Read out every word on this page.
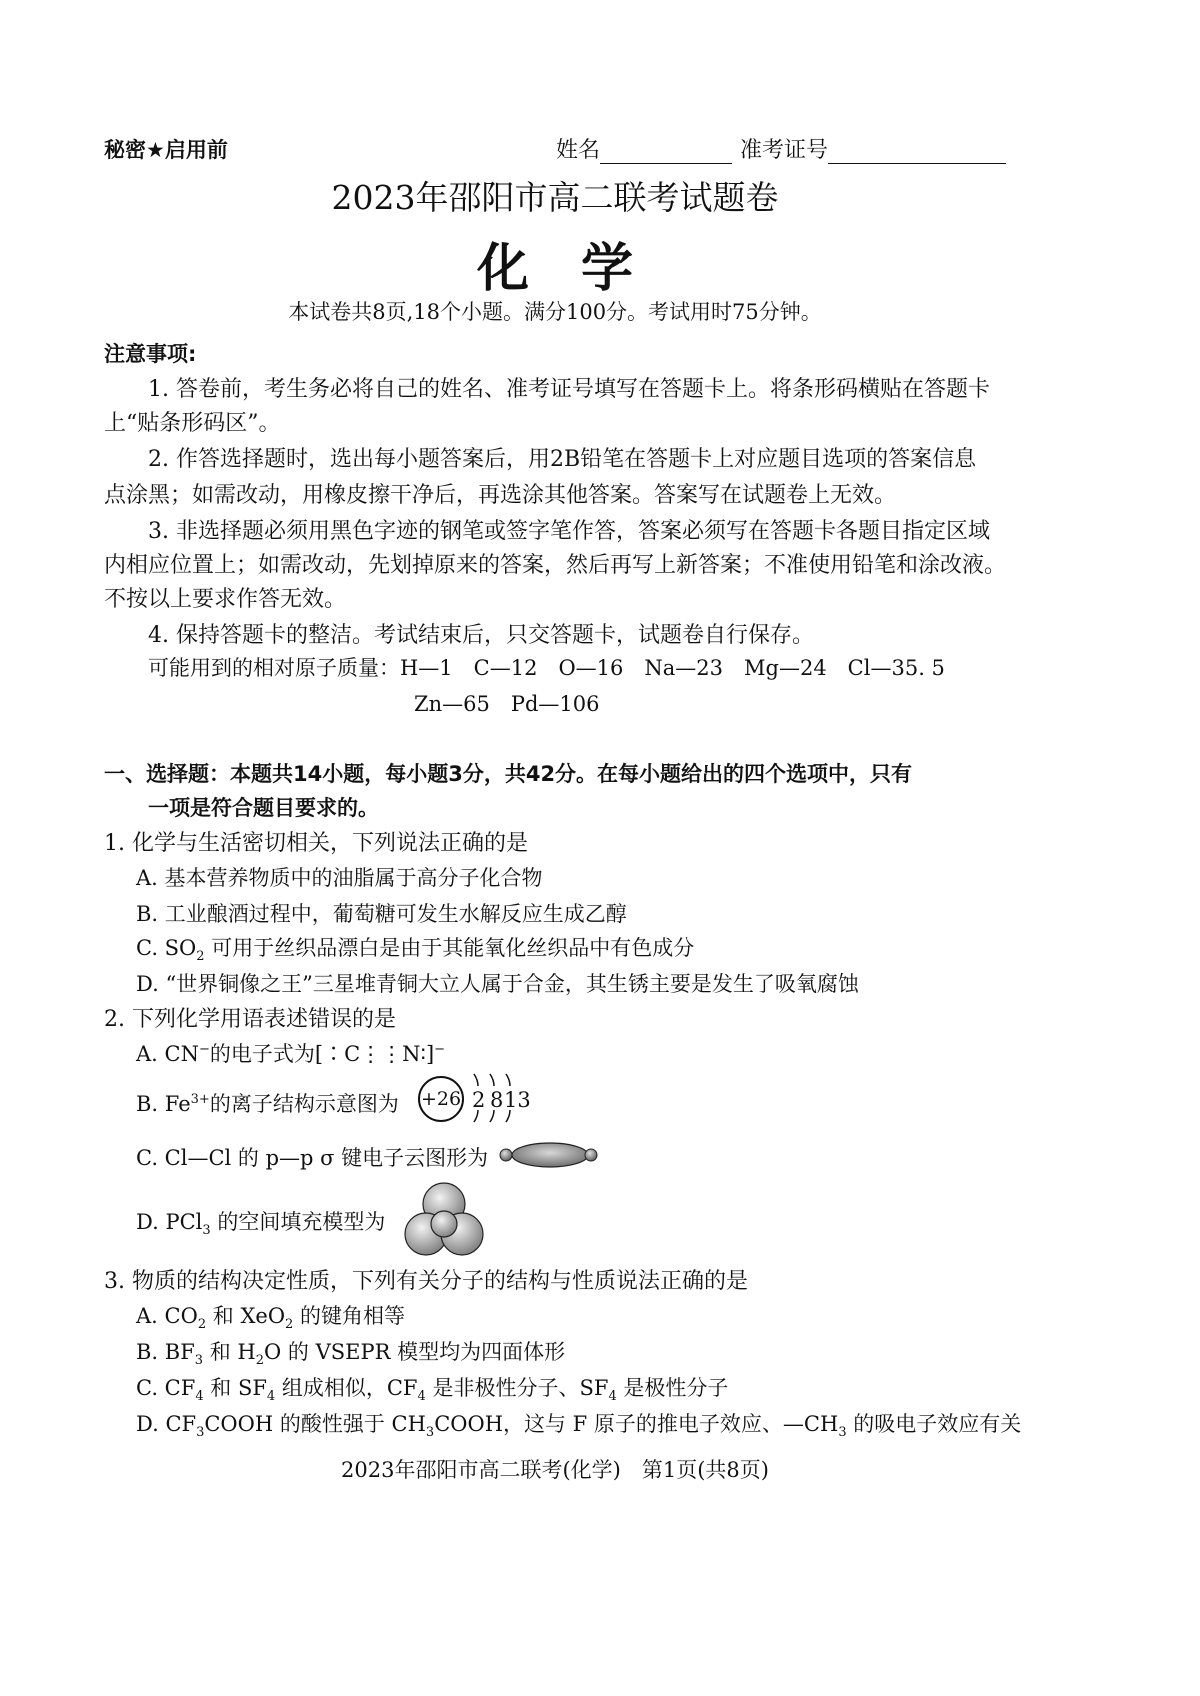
秘密★启用前	姓名	准考证号
2023年邵阳市高二联考试题卷
化　学
本试卷共8页,18个小题。满分100分。考试用时75分钟。
注意事项:
1. 答卷前，考生务必将自己的姓名、准考证号填写在答题卡上。将条形码横贴在答题卡
上“贴条形码区”。
2. 作答选择题时，选出每小题答案后，用2B铅笔在答题卡上对应题目选项的答案信息
点涂黑；如需改动，用橡皮擦干净后，再选涂其他答案。答案写在试题卷上无效。
3. 非选择题必须用黑色字迹的钢笔或签字笔作答，答案必须写在答题卡各题目指定区域
内相应位置上；如需改动，先划掉原来的答案，然后再写上新答案；不准使用铅笔和涂改液。
不按以上要求作答无效。
4. 保持答题卡的整洁。考试结束后，只交答题卡，试题卷自行保存。
可能用到的相对原子质量：H—1　C—12　O—16　Na—23　Mg—24　Cl—35. 5
Zn—65　Pd—106
一、选择题：本题共14小题，每小题3分，共42分。在每小题给出的四个选项中，只有
一项是符合题目要求的。
1. 化学与生活密切相关，下列说法正确的是
A. 基本营养物质中的油脂属于高分子化合物
B. 工业酿酒过程中，葡萄糖可发生水解反应生成乙醇
C. $SO_2$ 可用于丝织品漂白是由于其能氧化丝织品中有色成分
D. “世界铜像之王”三星堆青铜大立人属于合金，其生锈主要是发生了吸氧腐蚀
2. 下列化学用语表述错误的是
A. CN−的电子式为[∶C⋮⋮N∶]−
B. $Fe^{3+}$的离子结构示意图为 +26 2 8 13
C. Cl—Cl 的 p—p σ 键电子云图形为
D. PCl$_3$ 的空间填充模型为
3. 物质的结构决定性质，下列有关分子的结构与性质说法正确的是
A. $CO_2$ 和 XeO$_2$ 的键角相等
B. $BF_3$ 和 $H_2O$ 的 VSEPR 模型均为四面体形
C. $CF_4$ 和 $SF_4$ 组成相似，$CF_4$ 是非极性分子、$SF_4$ 是极性分子
D. $CF_3COOH$ 的酸性强于 $CH_3COOH$，这与 F 原子的推电子效应、$—CH_3$ 的吸电子效应有关
2023年邵阳市高二联考(化学)　第1页(共8页)
